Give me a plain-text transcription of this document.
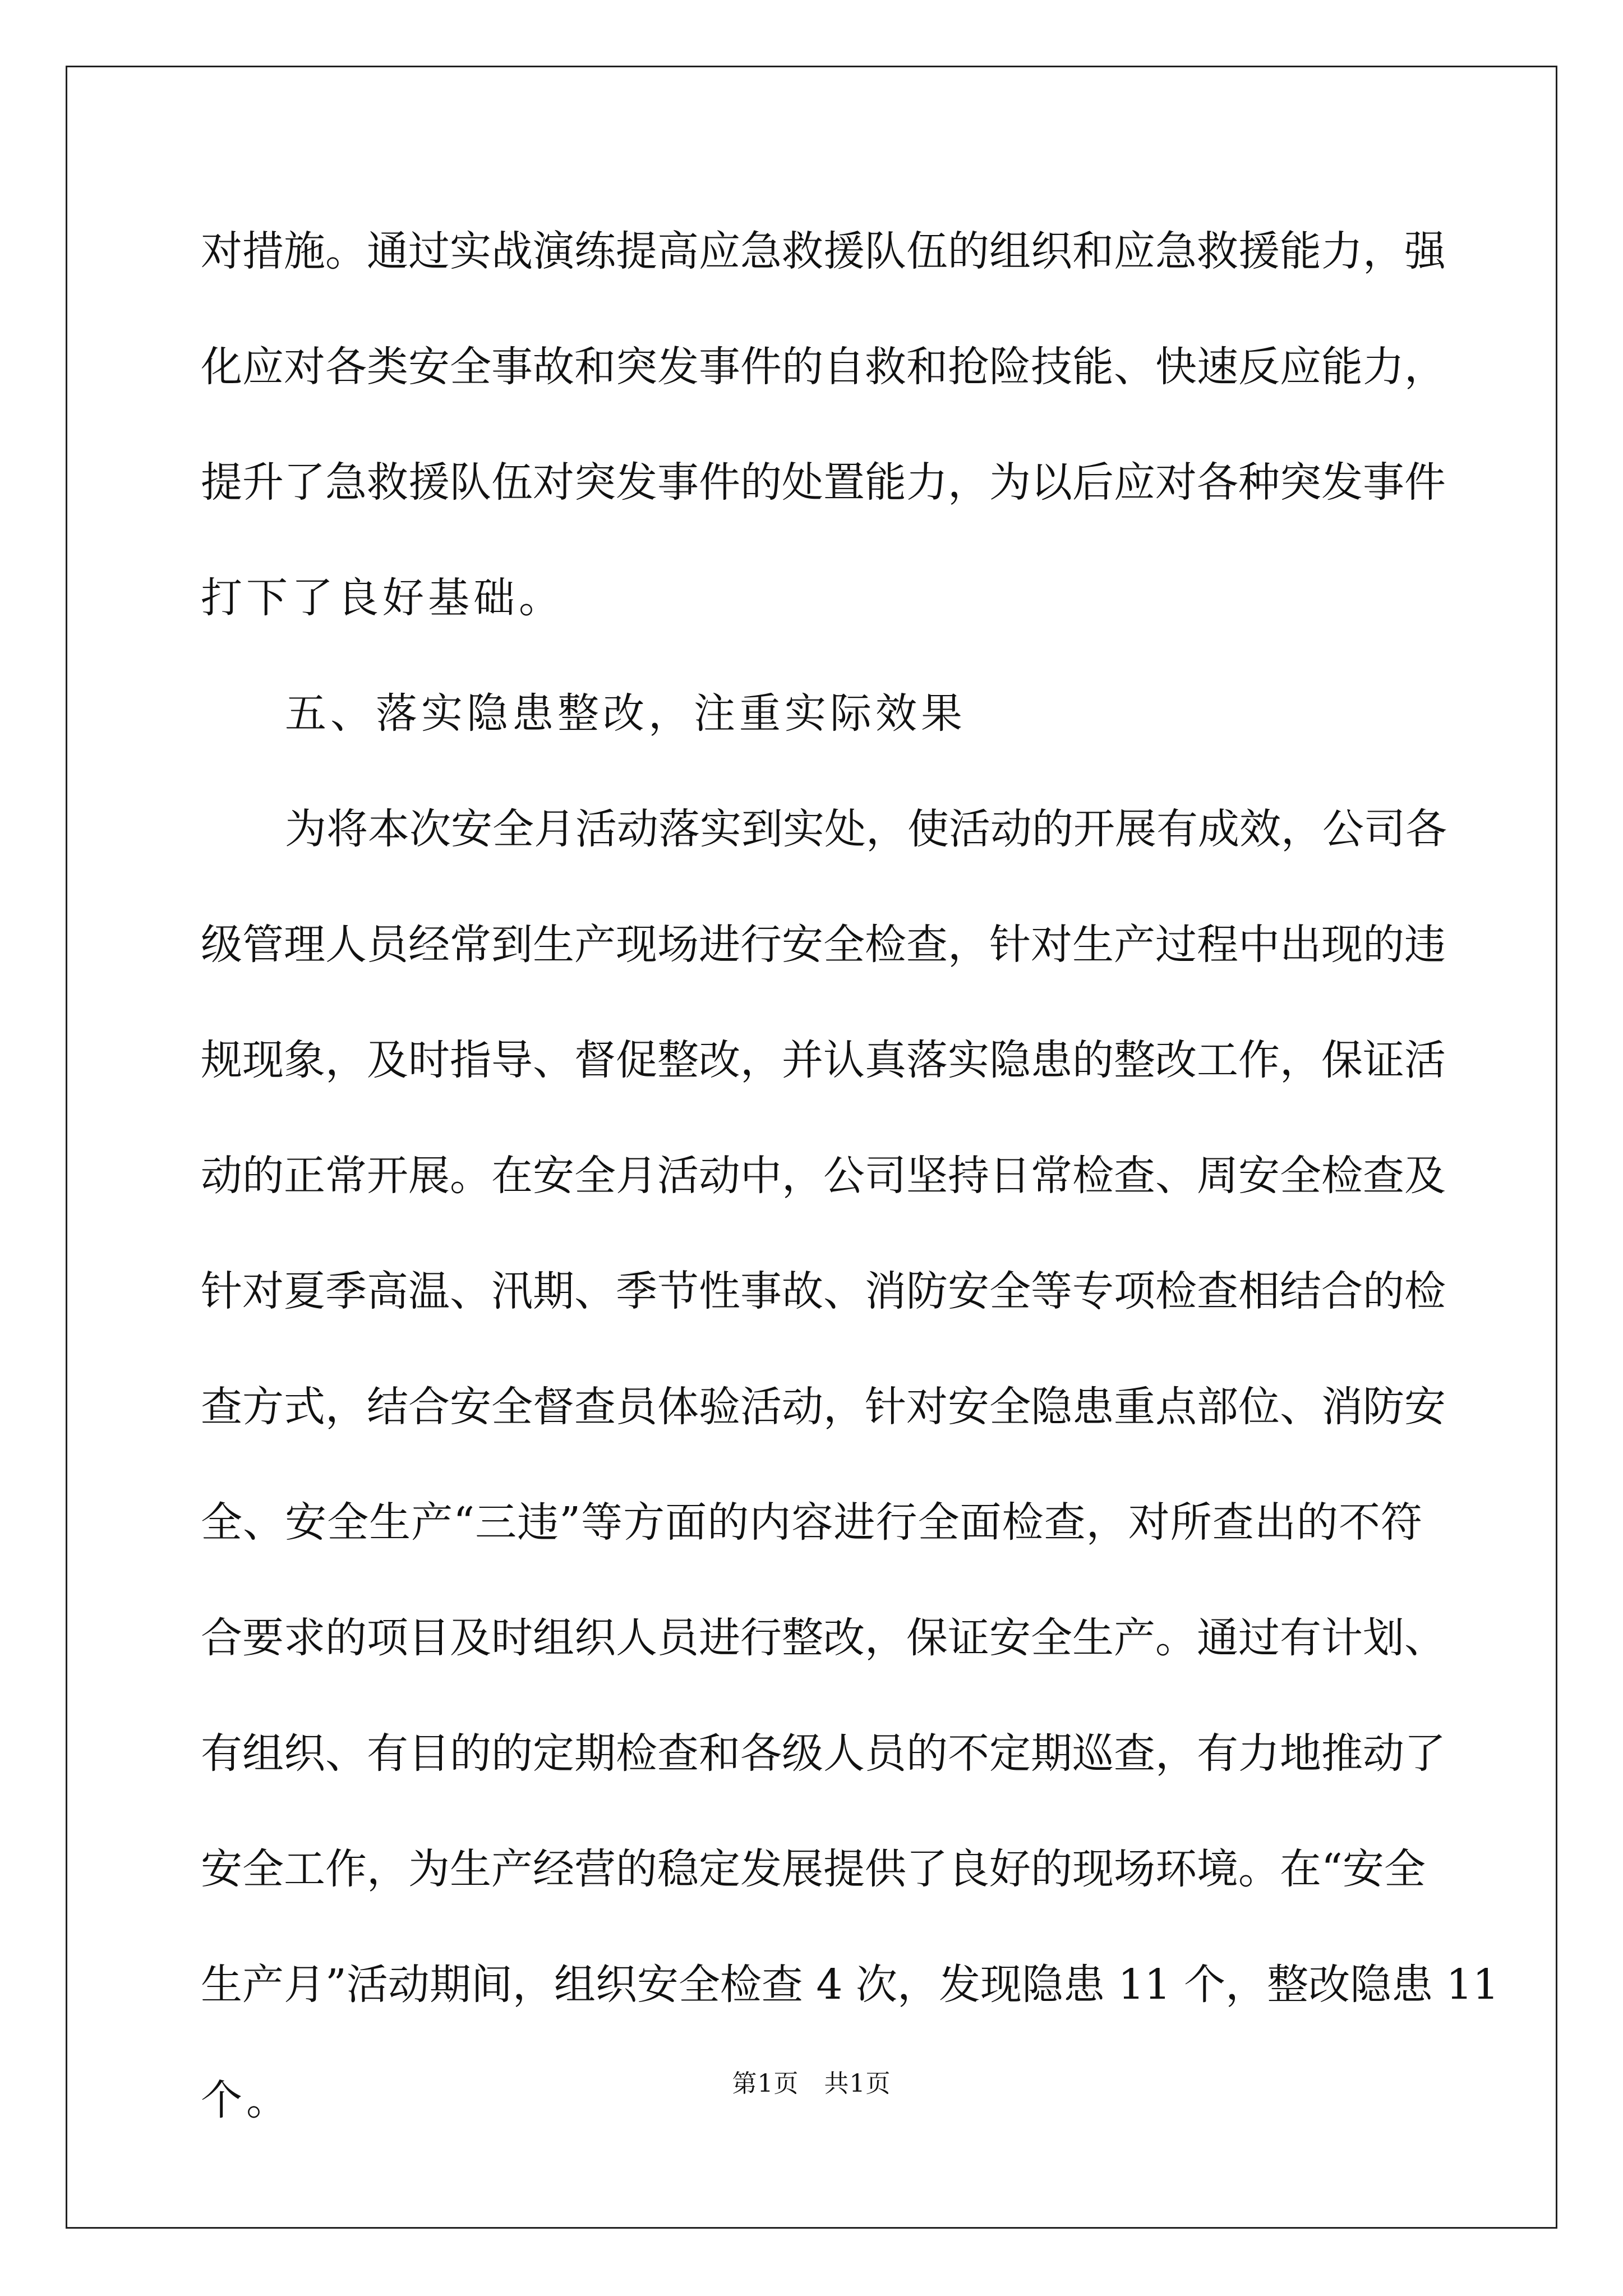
对措施。通过实战演练提高应急救援队伍的组织和应急救援能力，强

化应对各类安全事故和突发事件的自救和抢险技能、快速反应能力，

提升了急救援队伍对突发事件的处置能力，为以后应对各种突发事件

打下了良好基础。

五、落实隐患整改，注重实际效果

为将本次安全月活动落实到实处，使活动的开展有成效，公司各

级管理人员经常到生产现场进行安全检查，针对生产过程中出现的违

规现象，及时指导、督促整改，并认真落实隐患的整改工作，保证活

动的正常开展。在安全月活动中，公司坚持日常检查、周安全检查及

针对夏季高温、汛期、季节性事故、消防安全等专项检查相结合的检

查方式，结合安全督查员体验活动，针对安全隐患重点部位、消防安

全、安全生产“三违”等方面的内容进行全面检查，对所查出的不符

合要求的项目及时组织人员进行整改，保证安全生产。通过有计划、

有组织、有目的的定期检查和各级人员的不定期巡查，有力地推动了

安全工作，为生产经营的稳定发展提供了良好的现场环境。在“安全

生产月”活动期间，组织安全检查 4 次，发现隐患 11 个，整改隐患 11

个。	第1页　共1页
